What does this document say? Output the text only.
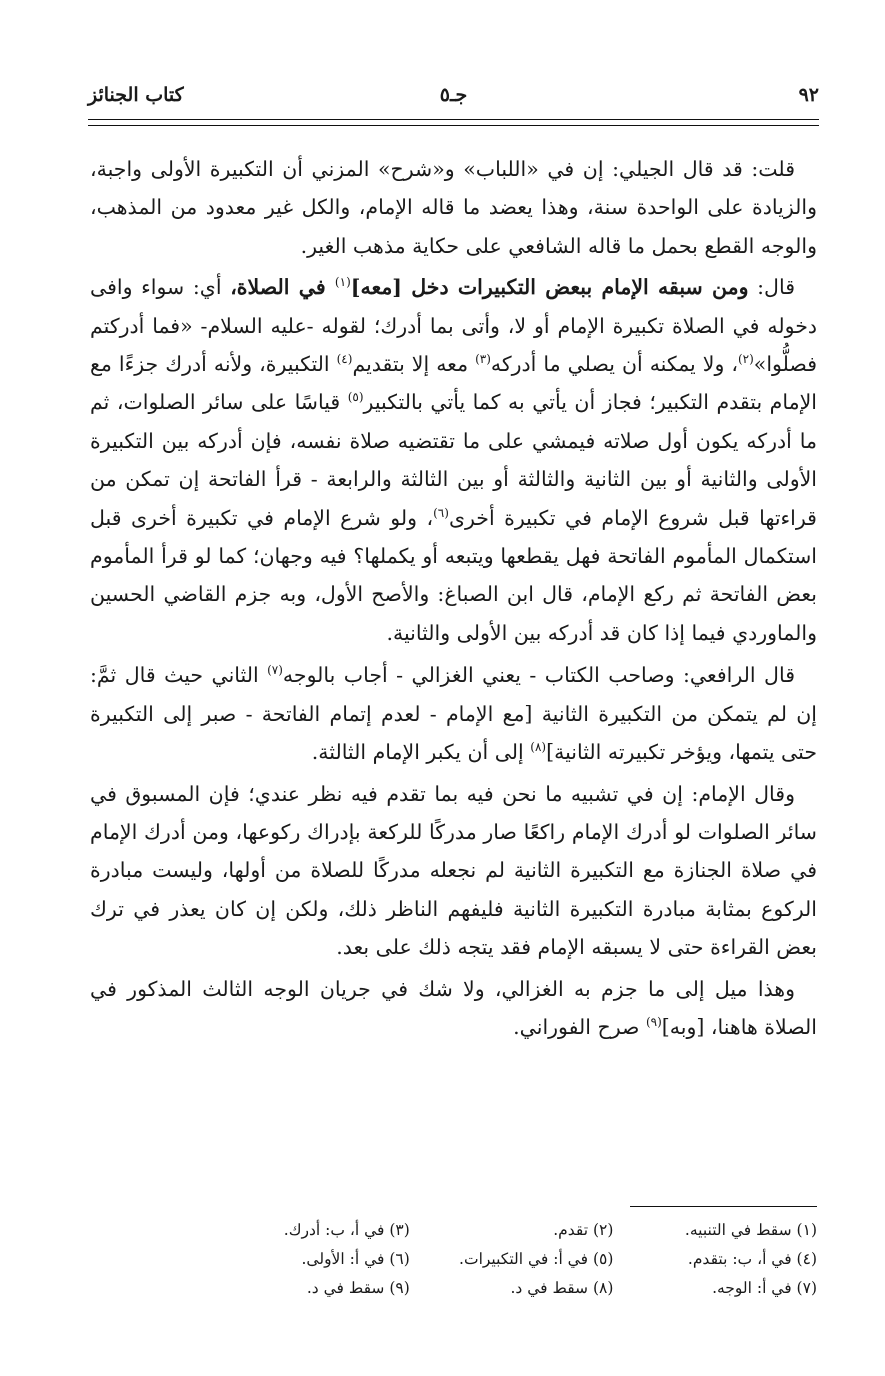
٩٢
جـ٥
كتاب الجنائز

قلت: قد قال الجيلي: إن في «اللباب» و«شرح» المزني أن التكبيرة الأولى واجبة، والزيادة على الواحدة سنة، وهذا يعضد ما قاله الإمام، والكل غير معدود من المذهب، والوجه القطع بحمل ما قاله الشافعي على حكاية مذهب الغير.

قال: ومن سبقه الإمام ببعض التكبيرات دخل [معه]$^{(١)}$ في الصلاة، أي: سواء وافى دخوله في الصلاة تكبيرة الإمام أو لا، وأتى بما أدرك؛ لقوله -عليه السلام- «فما أدركتم فصلُّوا»$^{(٢)}$، ولا يمكنه أن يصلي ما أدركه$^{(٣)}$ معه إلا بتقديم$^{(٤)}$ التكبيرة، ولأنه أدرك جزءًا مع الإمام بتقدم التكبير؛ فجاز أن يأتي به كما يأتي بالتكبير$^{(٥)}$ قياسًا على سائر الصلوات، ثم ما أدركه يكون أول صلاته فيمشي على ما تقتضيه صلاة نفسه، فإن أدركه بين التكبيرة الأولى والثانية أو بين الثانية والثالثة أو بين الثالثة والرابعة - قرأ الفاتحة إن تمكن من قراءتها قبل شروع الإمام في تكبيرة أخرى$^{(٦)}$، ولو شرع الإمام في تكبيرة أخرى قبل استكمال المأموم الفاتحة فهل يقطعها ويتبعه أو يكملها؟ فيه وجهان؛ كما لو قرأ المأموم بعض الفاتحة ثم ركع الإمام، قال ابن الصباغ: والأصح الأول، وبه جزم القاضي الحسين والماوردي فيما إذا كان قد أدركه بين الأولى والثانية.

قال الرافعي: وصاحب الكتاب - يعني الغزالي - أجاب بالوجه$^{(٧)}$ الثاني حيث قال ثمَّ: إن لم يتمكن من التكبيرة الثانية [مع الإمام - لعدم إتمام الفاتحة - صبر إلى التكبيرة حتى يتمها، ويؤخر تكبيرته الثانية]$^{(٨)}$ إلى أن يكبر الإمام الثالثة.

وقال الإمام: إن في تشبيه ما نحن فيه بما تقدم فيه نظر عندي؛ فإن المسبوق في سائر الصلوات لو أدرك الإمام راكعًا صار مدركًا للركعة بإدراك ركوعها، ومن أدرك الإمام في صلاة الجنازة مع التكبيرة الثانية لم نجعله مدركًا للصلاة من أولها، وليست مبادرة الركوع بمثابة مبادرة التكبيرة الثانية فليفهم الناظر ذلك، ولكن إن كان يعذر في ترك بعض القراءة حتى لا يسبقه الإمام فقد يتجه ذلك على بعد.

وهذا ميل إلى ما جزم به الغزالي، ولا شك في جريان الوجه الثالث المذكور في الصلاة هاهنا، [وبه]$^{(٩)}$ صرح الفوراني.

(١) سقط في التنبيه.
(٢) تقدم.
(٣) في أ، ب: أدرك.
(٤) في أ، ب: بتقدم.
(٥) في أ: في التكبيرات.
(٦) في أ: الأولى.
(٧) في أ: الوجه.
(٨) سقط في د.
(٩) سقط في د.
